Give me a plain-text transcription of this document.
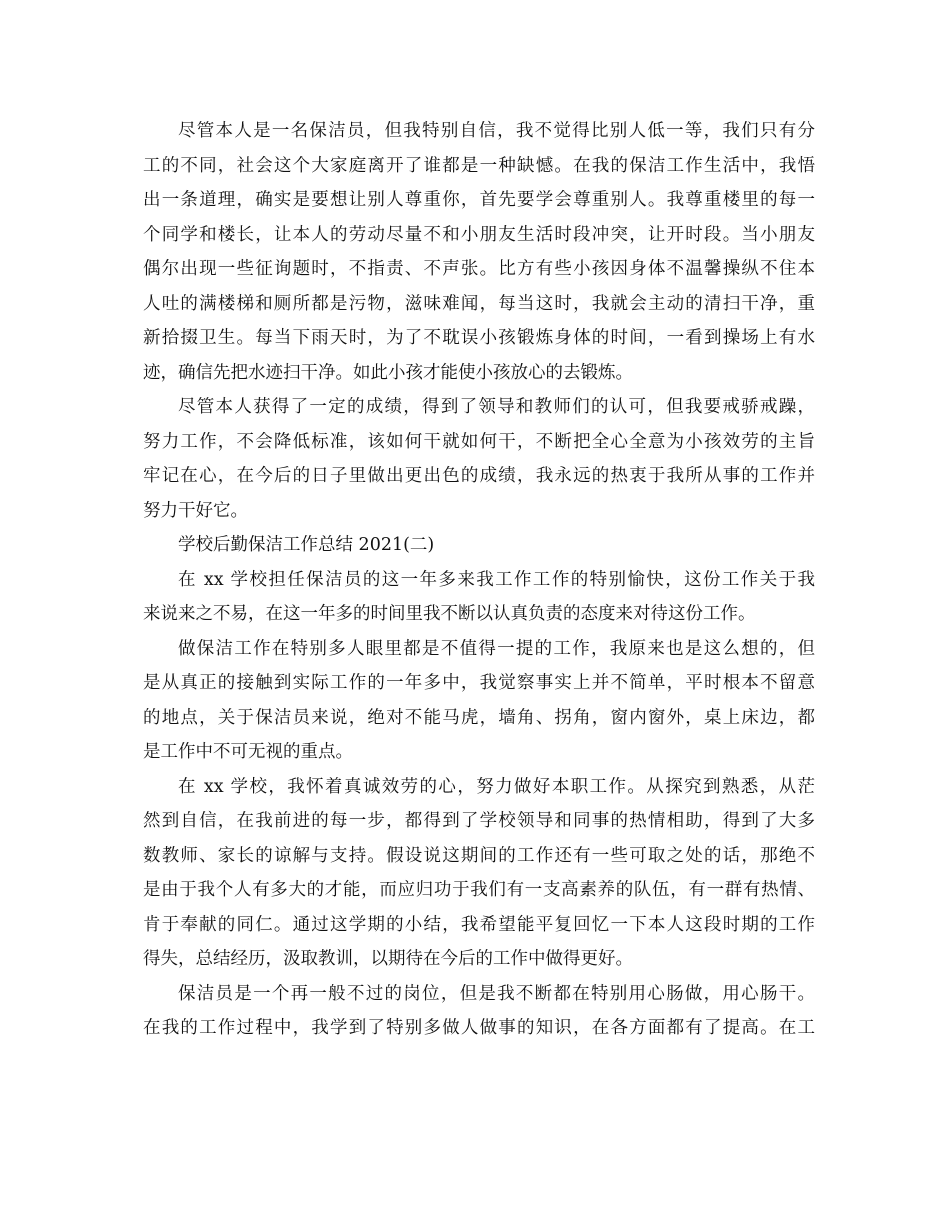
尽管本人是一名保洁员，但我特别自信，我不觉得比别人低一等，我们只有分
工的不同，社会这个大家庭离开了谁都是一种缺憾。在我的保洁工作生活中，我悟
出一条道理，确实是要想让别人尊重你，首先要学会尊重别人。我尊重楼里的每一
个同学和楼长，让本人的劳动尽量不和小朋友生活时段冲突，让开时段。当小朋友
偶尔出现一些征询题时，不指责、不声张。比方有些小孩因身体不温馨操纵不住本
人吐的满楼梯和厕所都是污物，滋味难闻，每当这时，我就会主动的清扫干净，重
新拾掇卫生。每当下雨天时，为了不耽误小孩锻炼身体的时间，一看到操场上有水
迹，确信先把水迹扫干净。如此小孩才能使小孩放心的去锻炼。
尽管本人获得了一定的成绩，得到了领导和教师们的认可，但我要戒骄戒躁，
努力工作，不会降低标准，该如何干就如何干，不断把全心全意为小孩效劳的主旨
牢记在心，在今后的日子里做出更出色的成绩，我永远的热衷于我所从事的工作并
努力干好它。
学校后勤保洁工作总结 2021(二)
在 xx 学校担任保洁员的这一年多来我工作工作的特别愉快，这份工作关于我
来说来之不易，在这一年多的时间里我不断以认真负责的态度来对待这份工作。
做保洁工作在特别多人眼里都是不值得一提的工作，我原来也是这么想的，但
是从真正的接触到实际工作的一年多中，我觉察事实上并不简单，平时根本不留意
的地点，关于保洁员来说，绝对不能马虎，墙角、拐角，窗内窗外，桌上床边，都
是工作中不可无视的重点。
在 xx 学校，我怀着真诚效劳的心，努力做好本职工作。从探究到熟悉，从茫
然到自信，在我前进的每一步，都得到了学校领导和同事的热情相助，得到了大多
数教师、家长的谅解与支持。假设说这期间的工作还有一些可取之处的话，那绝不
是由于我个人有多大的才能，而应归功于我们有一支高素养的队伍，有一群有热情、
肯于奉献的同仁。通过这学期的小结，我希望能平复回忆一下本人这段时期的工作
得失，总结经历，汲取教训，以期待在今后的工作中做得更好。
保洁员是一个再一般不过的岗位，但是我不断都在特别用心肠做，用心肠干。
在我的工作过程中，我学到了特别多做人做事的知识，在各方面都有了提高。在工
